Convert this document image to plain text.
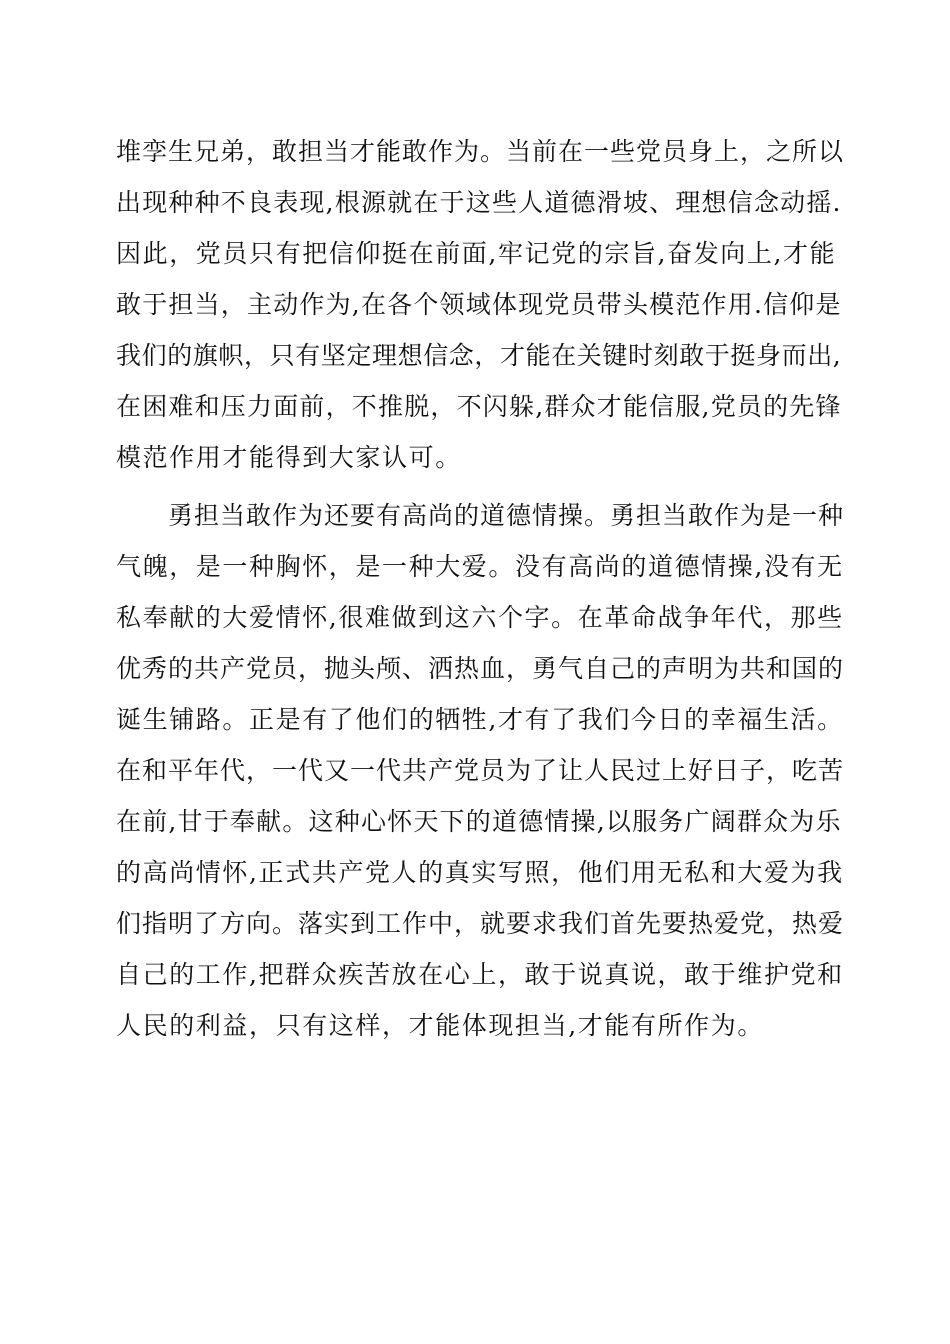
堆孪生兄弟，敢担当才能敢作为。当前在一些党员身上，之所以
出现种种不良表现,根源就在于这些人道德滑坡、理想信念动摇.
因此，党员只有把信仰挺在前面,牢记党的宗旨,奋发向上,才能
敢于担当，主动作为,在各个领域体现党员带头模范作用.信仰是
我们的旗帜，只有坚定理想信念，才能在关键时刻敢于挺身而出,
在困难和压力面前，不推脱，不闪躲,群众才能信服,党员的先锋
模范作用才能得到大家认可。
勇担当敢作为还要有高尚的道德情操。勇担当敢作为是一种
气魄，是一种胸怀，是一种大爱。没有高尚的道德情操,没有无
私奉献的大爱情怀,很难做到这六个字。在革命战争年代，那些
优秀的共产党员，抛头颅、洒热血，勇气自己的声明为共和国的
诞生铺路。正是有了他们的牺牲,才有了我们今日的幸福生活。
在和平年代，一代又一代共产党员为了让人民过上好日子，吃苦
在前,甘于奉献。这种心怀天下的道德情操,以服务广阔群众为乐
的高尚情怀,正式共产党人的真实写照，他们用无私和大爱为我
们指明了方向。落实到工作中，就要求我们首先要热爱党，热爱
自己的工作,把群众疾苦放在心上，敢于说真说，敢于维护党和
人民的利益，只有这样，才能体现担当,才能有所作为。
